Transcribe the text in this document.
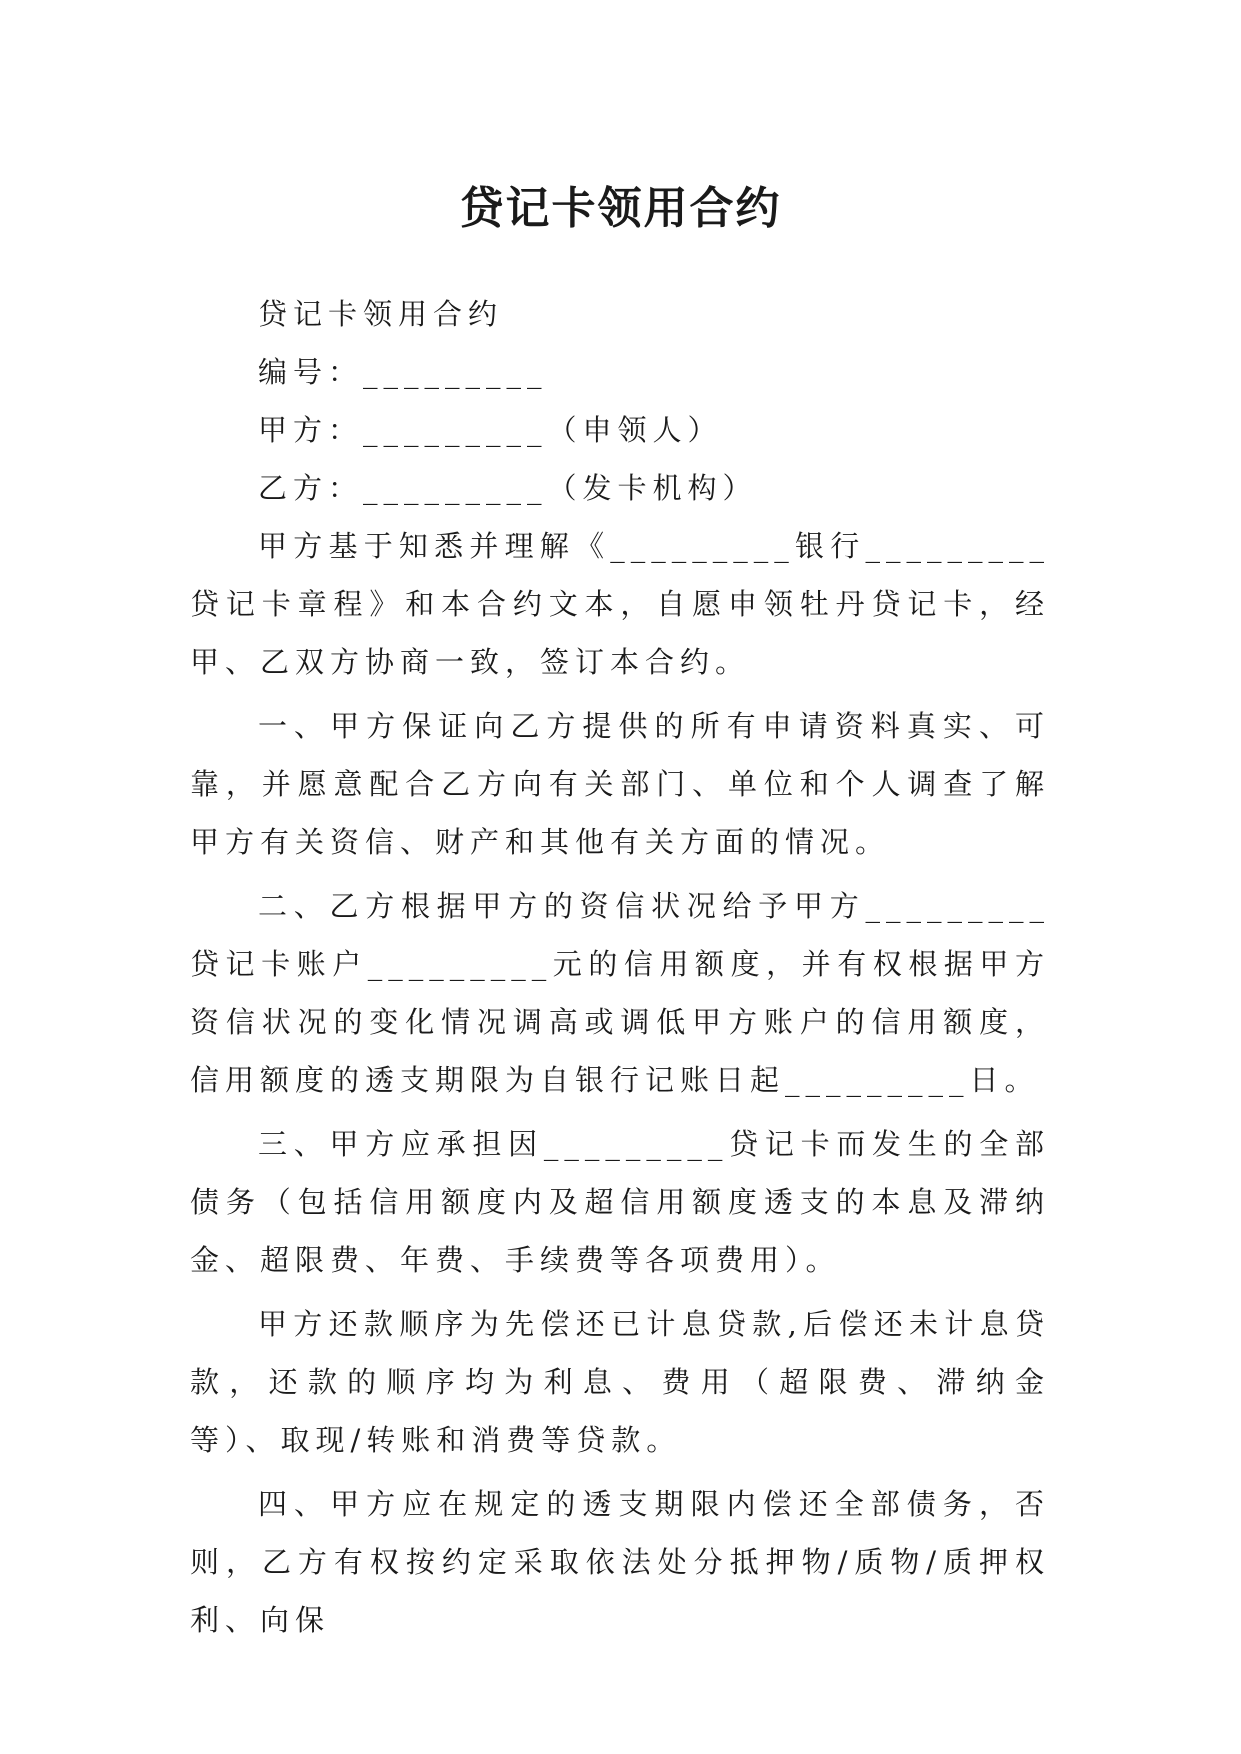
贷记卡领用合约

贷记卡领用合约

编号：_________

甲方：_________（申领人）

乙方：_________（发卡机构）

甲方基于知悉并理解《_________银行_________贷记卡章程》和本合约文本，自愿申领牡丹贷记卡，经甲、乙双方协商一致，签订本合约。

一、甲方保证向乙方提供的所有申请资料真实、可靠，并愿意配合乙方向有关部门、单位和个人调查了解甲方有关资信、财产和其他有关方面的情况。

二、乙方根据甲方的资信状况给予甲方_________贷记卡账户_________元的信用额度，并有权根据甲方资信状况的变化情况调高或调低甲方账户的信用额度，信用额度的透支期限为自银行记账日起_________日。

三、甲方应承担因_________贷记卡而发生的全部债务（包括信用额度内及超信用额度透支的本息及滞纳金、超限费、年费、手续费等各项费用）。

甲方还款顺序为先偿还已计息贷款,后偿还未计息贷款，还款的顺序均为利息、费用（超限费、滞纳金等）、取现/转账和消费等贷款。

四、甲方应在规定的透支期限内偿还全部债务，否则，乙方有权按约定采取依法处分抵押物/质物/质押权利、向保
